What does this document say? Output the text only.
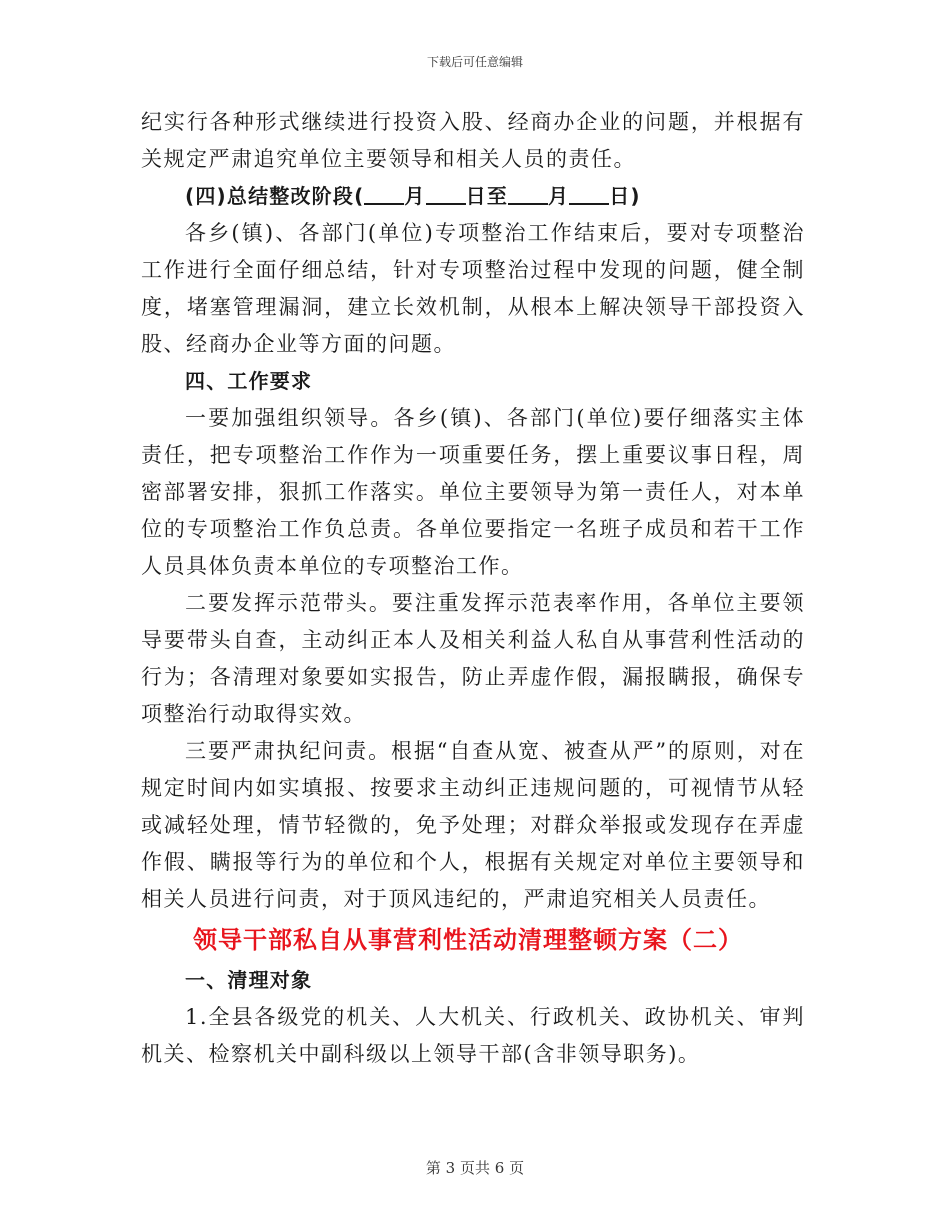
下载后可任意编辑

纪实行各种形式继续进行投资入股、经商办企业的问题，并根据有关规定严肃追究单位主要领导和相关人员的责任。

(四)总结整改阶段( 月 日至 月 日)

各乡(镇)、各部门(单位)专项整治工作结束后，要对专项整治工作进行全面仔细总结，针对专项整治过程中发现的问题，健全制度，堵塞管理漏洞，建立长效机制，从根本上解决领导干部投资入股、经商办企业等方面的问题。

四、工作要求

一要加强组织领导。各乡(镇)、各部门(单位)要仔细落实主体责任，把专项整治工作作为一项重要任务，摆上重要议事日程，周密部署安排，狠抓工作落实。单位主要领导为第一责任人，对本单位的专项整治工作负总责。各单位要指定一名班子成员和若干工作人员具体负责本单位的专项整治工作。

二要发挥示范带头。要注重发挥示范表率作用，各单位主要领导要带头自查，主动纠正本人及相关利益人私自从事营利性活动的行为；各清理对象要如实报告，防止弄虚作假，漏报瞒报，确保专项整治行动取得实效。

三要严肃执纪问责。根据“自查从宽、被查从严”的原则，对在规定时间内如实填报、按要求主动纠正违规问题的，可视情节从轻或减轻处理，情节轻微的，免予处理；对群众举报或发现存在弄虚作假、瞒报等行为的单位和个人，根据有关规定对单位主要领导和相关人员进行问责，对于顶风违纪的，严肃追究相关人员责任。

领导干部私自从事营利性活动清理整顿方案（二）

一、清理对象

1.全县各级党的机关、人大机关、行政机关、政协机关、审判机关、检察机关中副科级以上领导干部(含非领导职务)。

第 3 页共 6 页
